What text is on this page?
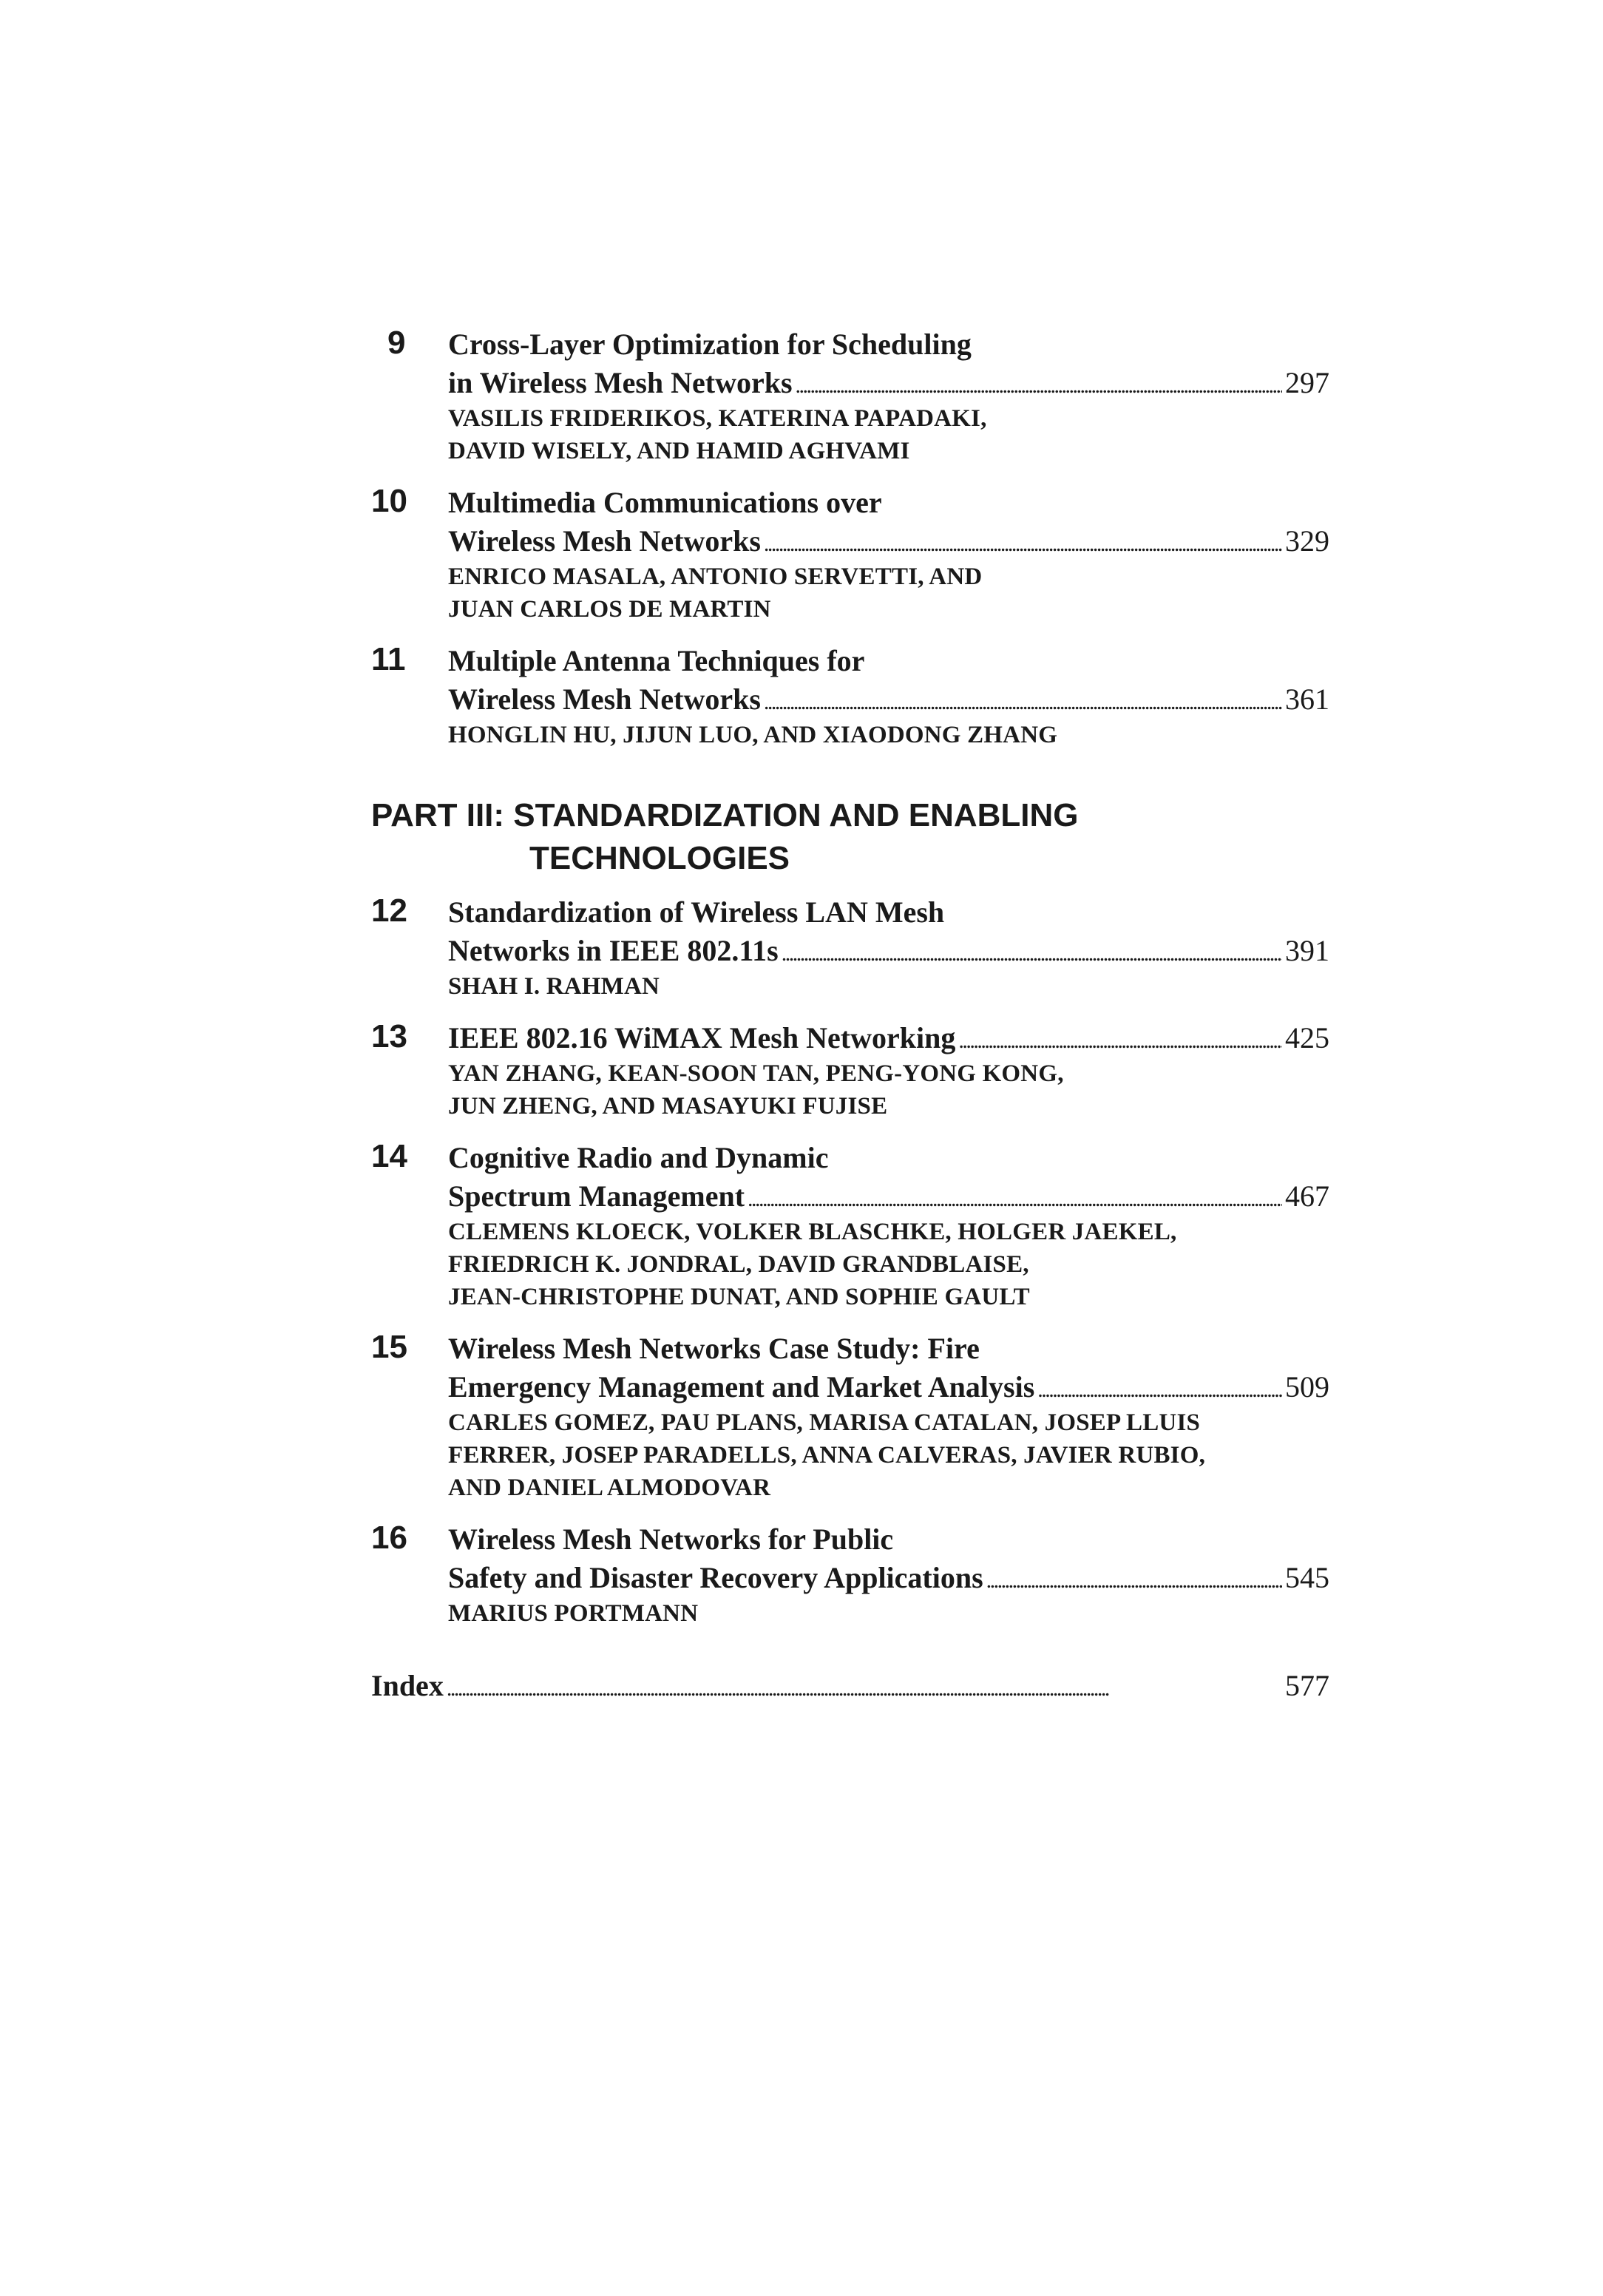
9 Cross-Layer Optimization for Scheduling
in Wireless Mesh Networks . . .	297
VASILIS FRIDERIKOS, KATERINA PAPADAKI,
DAVID WISELY, AND HAMID AGHVAMI
10 Multimedia Communications over
Wireless Mesh Networks . . .	329
ENRICO MASALA, ANTONIO SERVETTI, AND
JUAN CARLOS DE MARTIN
11 Multiple Antenna Techniques for
Wireless Mesh Networks . . .	361
HONGLIN HU, JIJUN LUO, AND XIAODONG ZHANG
PART III: STANDARDIZATION AND ENABLING
TECHNOLOGIES
12 Standardization of Wireless LAN Mesh
Networks in IEEE 802.11s . . .	391
SHAH I. RAHMAN
13 IEEE 802.16 WiMAX Mesh Networking . . .	425
YAN ZHANG, KEAN-SOON TAN, PENG-YONG KONG,
JUN ZHENG, AND MASAYUKI FUJISE
14 Cognitive Radio and Dynamic
Spectrum Management . . .	467
CLEMENS KLOECK, VOLKER BLASCHKE, HOLGER JAEKEL,
FRIEDRICH K. JONDRAL, DAVID GRANDBLAISE,
JEAN-CHRISTOPHE DUNAT, AND SOPHIE GAULT
15 Wireless Mesh Networks Case Study: Fire
Emergency Management and Market Analysis . . .	509
CARLES GOMEZ, PAU PLANS, MARISA CATALAN, JOSEP LLUIS
FERRER, JOSEP PARADELLS, ANNA CALVERAS, JAVIER RUBIO,
AND DANIEL ALMODOVAR
16 Wireless Mesh Networks for Public
Safety and Disaster Recovery Applications . . .	545
MARIUS PORTMANN
Index . . .	577
